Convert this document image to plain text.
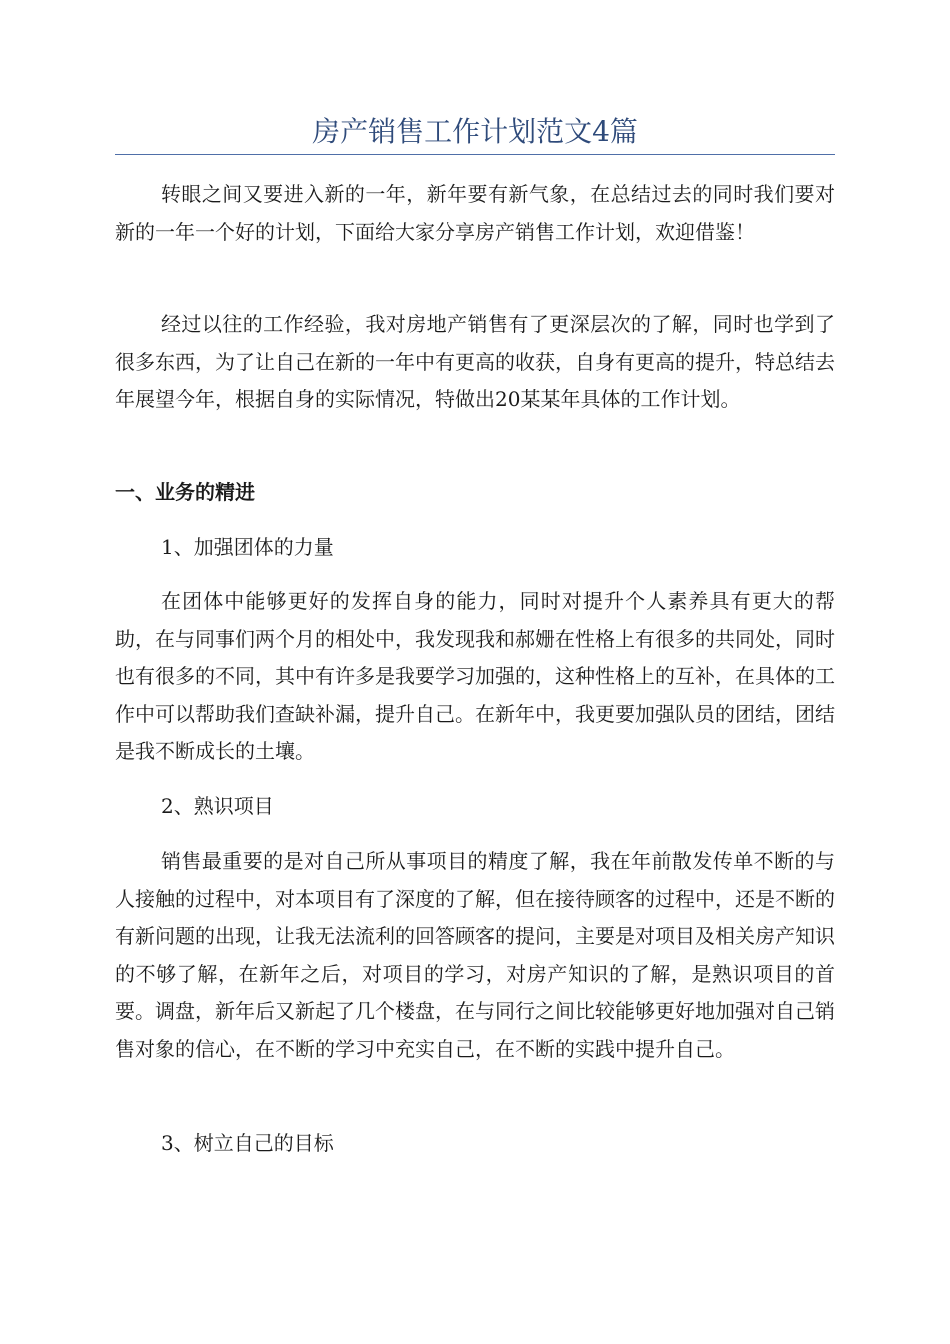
房产销售工作计划范文4篇

转眼之间又要进入新的一年，新年要有新气象，在总结过去的同时我们要对新的一年一个好的计划，下面给大家分享房产销售工作计划，欢迎借鉴！

经过以往的工作经验，我对房地产销售有了更深层次的了解，同时也学到了很多东西，为了让自己在新的一年中有更高的收获，自身有更高的提升，特总结去年展望今年，根据自身的实际情况，特做出20某某年具体的工作计划。

一、业务的精进

1、加强团体的力量

在团体中能够更好的发挥自身的能力，同时对提升个人素养具有更大的帮助，在与同事们两个月的相处中，我发现我和郝姗在性格上有很多的共同处，同时也有很多的不同，其中有许多是我要学习加强的，这种性格上的互补，在具体的工作中可以帮助我们查缺补漏，提升自己。在新年中，我更要加强队员的团结，团结是我不断成长的土壤。

2、熟识项目

销售最重要的是对自己所从事项目的精度了解，我在年前散发传单不断的与人接触的过程中，对本项目有了深度的了解，但在接待顾客的过程中，还是不断的有新问题的出现，让我无法流利的回答顾客的提问，主要是对项目及相关房产知识的不够了解，在新年之后，对项目的学习，对房产知识的了解，是熟识项目的首要。调盘，新年后又新起了几个楼盘，在与同行之间比较能够更好地加强对自己销售对象的信心，在不断的学习中充实自己，在不断的实践中提升自己。

3、树立自己的目标
